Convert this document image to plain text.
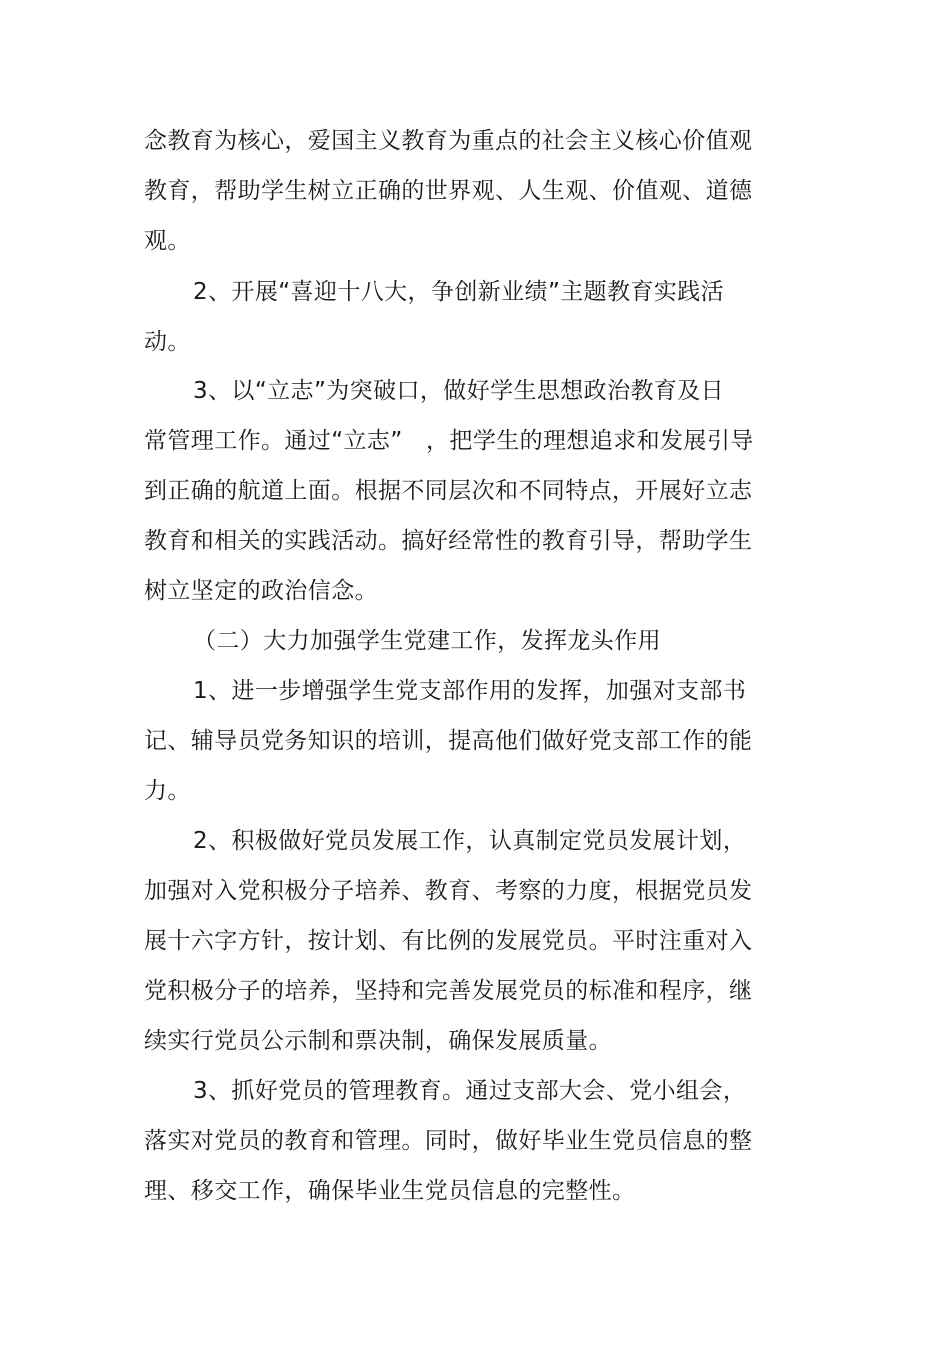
念教育为核心，爱国主义教育为重点的社会主义核心价值观
教育，帮助学生树立正确的世界观、人生观、价值观、道德
观。
2、开展“喜迎十八大，争创新业绩”主题教育实践活
动。
3、以“立志”为突破口，做好学生思想政治教育及日
常管理工作。通过“立志”　，把学生的理想追求和发展引导
到正确的航道上面。根据不同层次和不同特点，开展好立志
教育和相关的实践活动。搞好经常性的教育引导，帮助学生
树立坚定的政治信念。
（二）大力加强学生党建工作，发挥龙头作用
1、进一步增强学生党支部作用的发挥，加强对支部书
记、辅导员党务知识的培训，提高他们做好党支部工作的能
力。
2、积极做好党员发展工作，认真制定党员发展计划，
加强对入党积极分子培养、教育、考察的力度，根据党员发
展十六字方针，按计划、有比例的发展党员。平时注重对入
党积极分子的培养，坚持和完善发展党员的标准和程序，继
续实行党员公示制和票决制，确保发展质量。
3、抓好党员的管理教育。通过支部大会、党小组会，
落实对党员的教育和管理。同时，做好毕业生党员信息的整
理、移交工作，确保毕业生党员信息的完整性。
